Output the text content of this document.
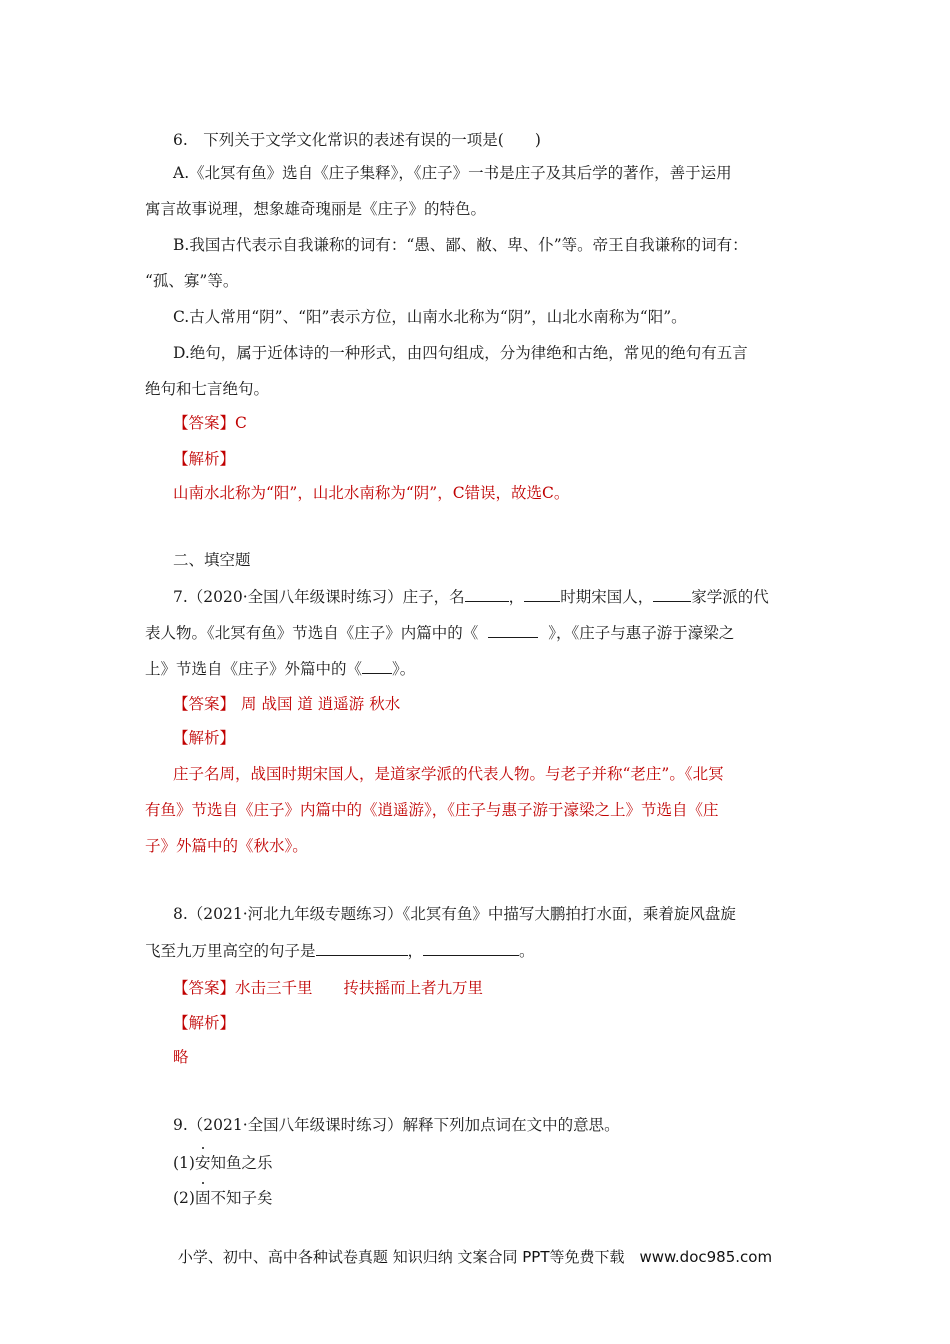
6.　下列关于文学文化常识的表述有误的一项是(　　)
A.《北冥有鱼》选自《庄子集释》，《庄子》一书是庄子及其后学的著作，善于运用
寓言故事说理，想象雄奇瑰丽是《庄子》的特色。
B.我国古代表示自我谦称的词有：“愚、鄙、敝、卑、仆”等。帝王自我谦称的词有：
“孤、寡”等。
C.古人常用“阴”、“阳”表示方位，山南水北称为“阴”，山北水南称为“阳”。
D.绝句，属于近体诗的一种形式，由四句组成，分为律绝和古绝，常见的绝句有五言
绝句和七言绝句。
【答案】C
【解析】
山南水北称为“阳”，山北水南称为“阴”，C错误，故选C。
二、填空题
7.（2020·全国八年级课时练习）庄子，名	， 时期宋国人， 家学派的代
表人物。《北冥有鱼》节选自《庄子》内篇中的《	》，《庄子与惠子游于濠梁之
上》节选自《庄子》外篇中的《 》。
【答案】 周 战国 道 逍遥游 秋水
【解析】
庄子名周，战国时期宋国人，是道家学派的代表人物。与老子并称“老庄”。《北冥
有鱼》节选自《庄子》内篇中的《逍遥游》，《庄子与惠子游于濠梁之上》节选自《庄
子》外篇中的《秋水》。
8.（2021·河北九年级专题练习）《北冥有鱼》中描写大鹏拍打水面，乘着旋风盘旋
飞至九万里高空的句子是	，	。
【答案】水击三千里　　抟扶摇而上者九万里
【解析】
略
9.（2021·全国八年级课时练习）解释下列加点词在文中的意思。
(1)安知鱼之乐
(2)固不知子矣
小学、初中、高中各种试卷真题 知识归纳 文案合同 PPT等免费下载　www.doc985.com
